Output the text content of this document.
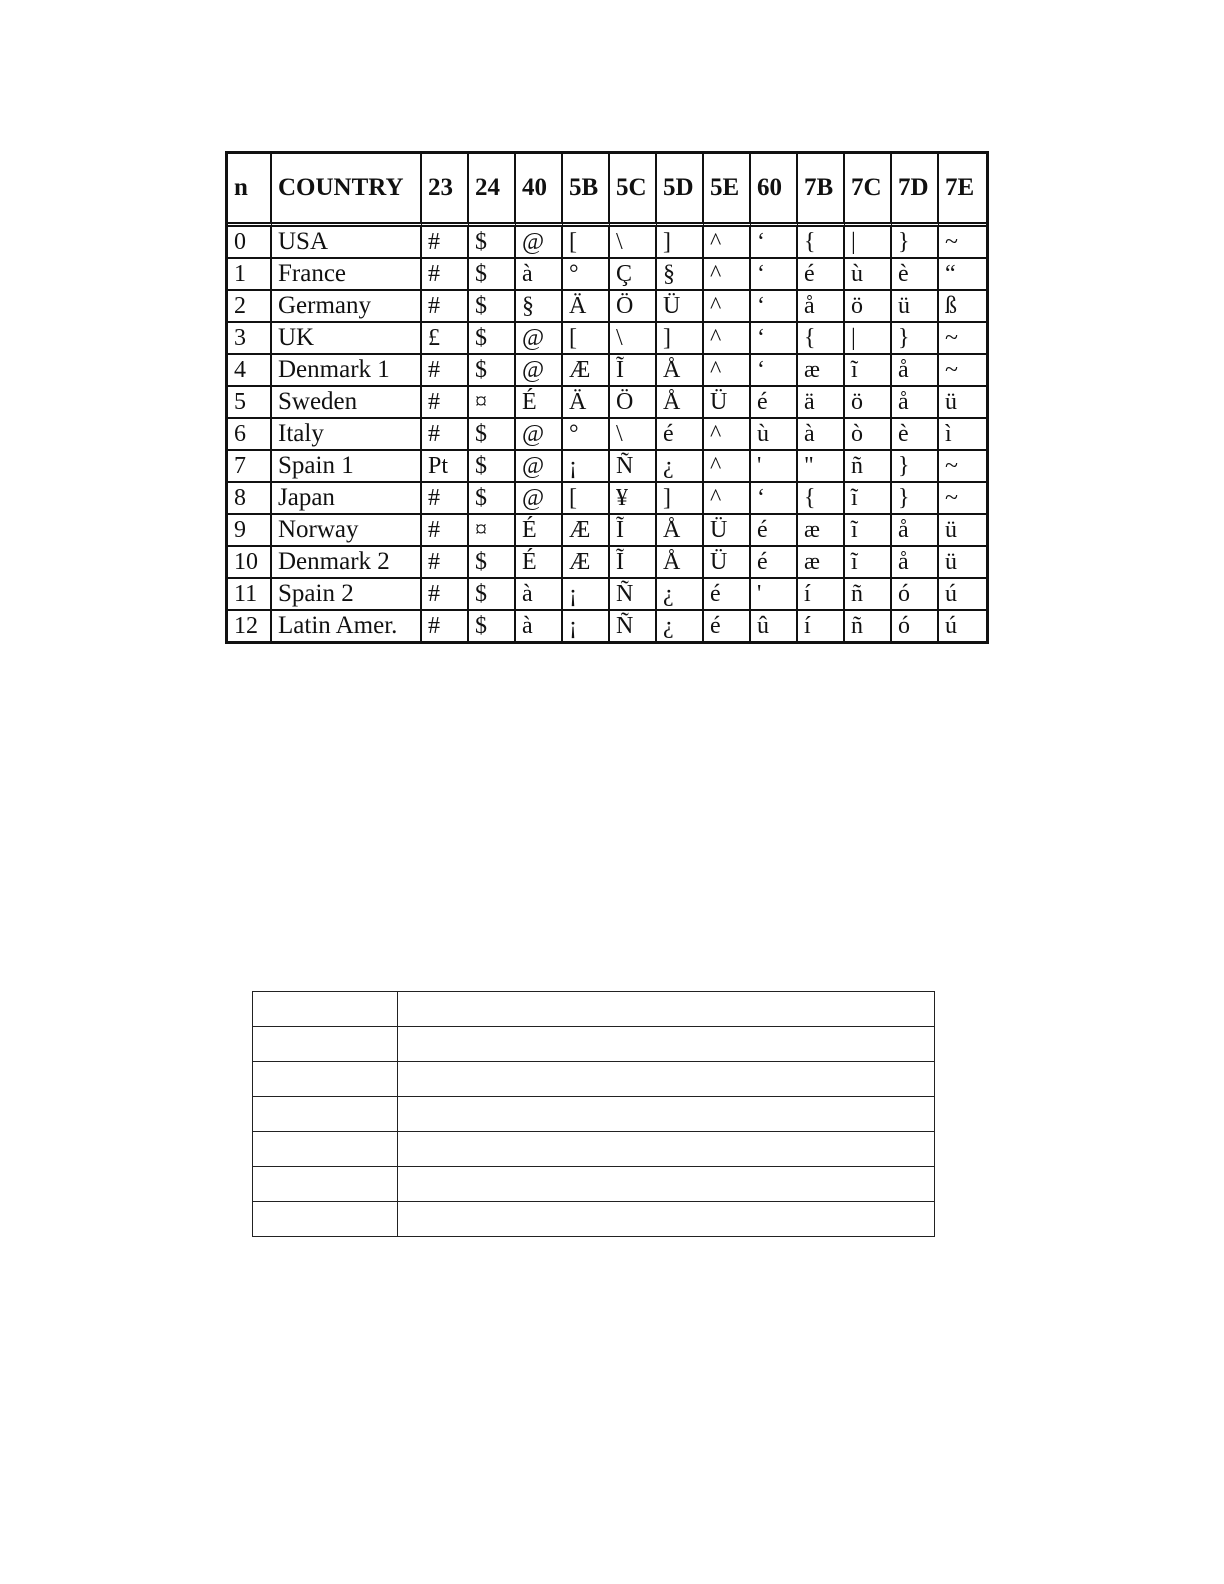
n	COUNTRY	23	24	40	5B	5C	5D	5E	60	7B	7C	7D	7E
0	USA	#	$	@	[	\	]	^	‘	{	|	}	~
1	France	#	$	à	°	Ç	§	^	‘	é	ù	è	“
2	Germany	#	$	§	Ä	Ö	Ü	^	‘	å	ö	ü	ß
3	UK	£	$	@	[	\	]	^	‘	{	|	}	~
4	Denmark 1	#	$	@	Æ	Ĩ	Å	^	‘	æ	ĩ	å	~
5	Sweden	#	¤	É	Ä	Ö	Å	Ü	é	ä	ö	å	ü
6	Italy	#	$	@	°	\	é	^	ù	à	ò	è	ì
7	Spain 1	Pt	$	@	¡	Ñ	¿	^	'	"	ñ	}	~
8	Japan	#	$	@	[	¥	]	^	‘	{	ĩ	}	~
9	Norway	#	¤	É	Æ	Ĩ	Å	Ü	é	æ	ĩ	å	ü
10	Denmark 2	#	$	É	Æ	Ĩ	Å	Ü	é	æ	ĩ	å	ü
11	Spain 2	#	$	à	¡	Ñ	¿	é	'	í	ñ	ó	ú
12	Latin Amer.	#	$	à	¡	Ñ	¿	é	û	í	ñ	ó	ú
